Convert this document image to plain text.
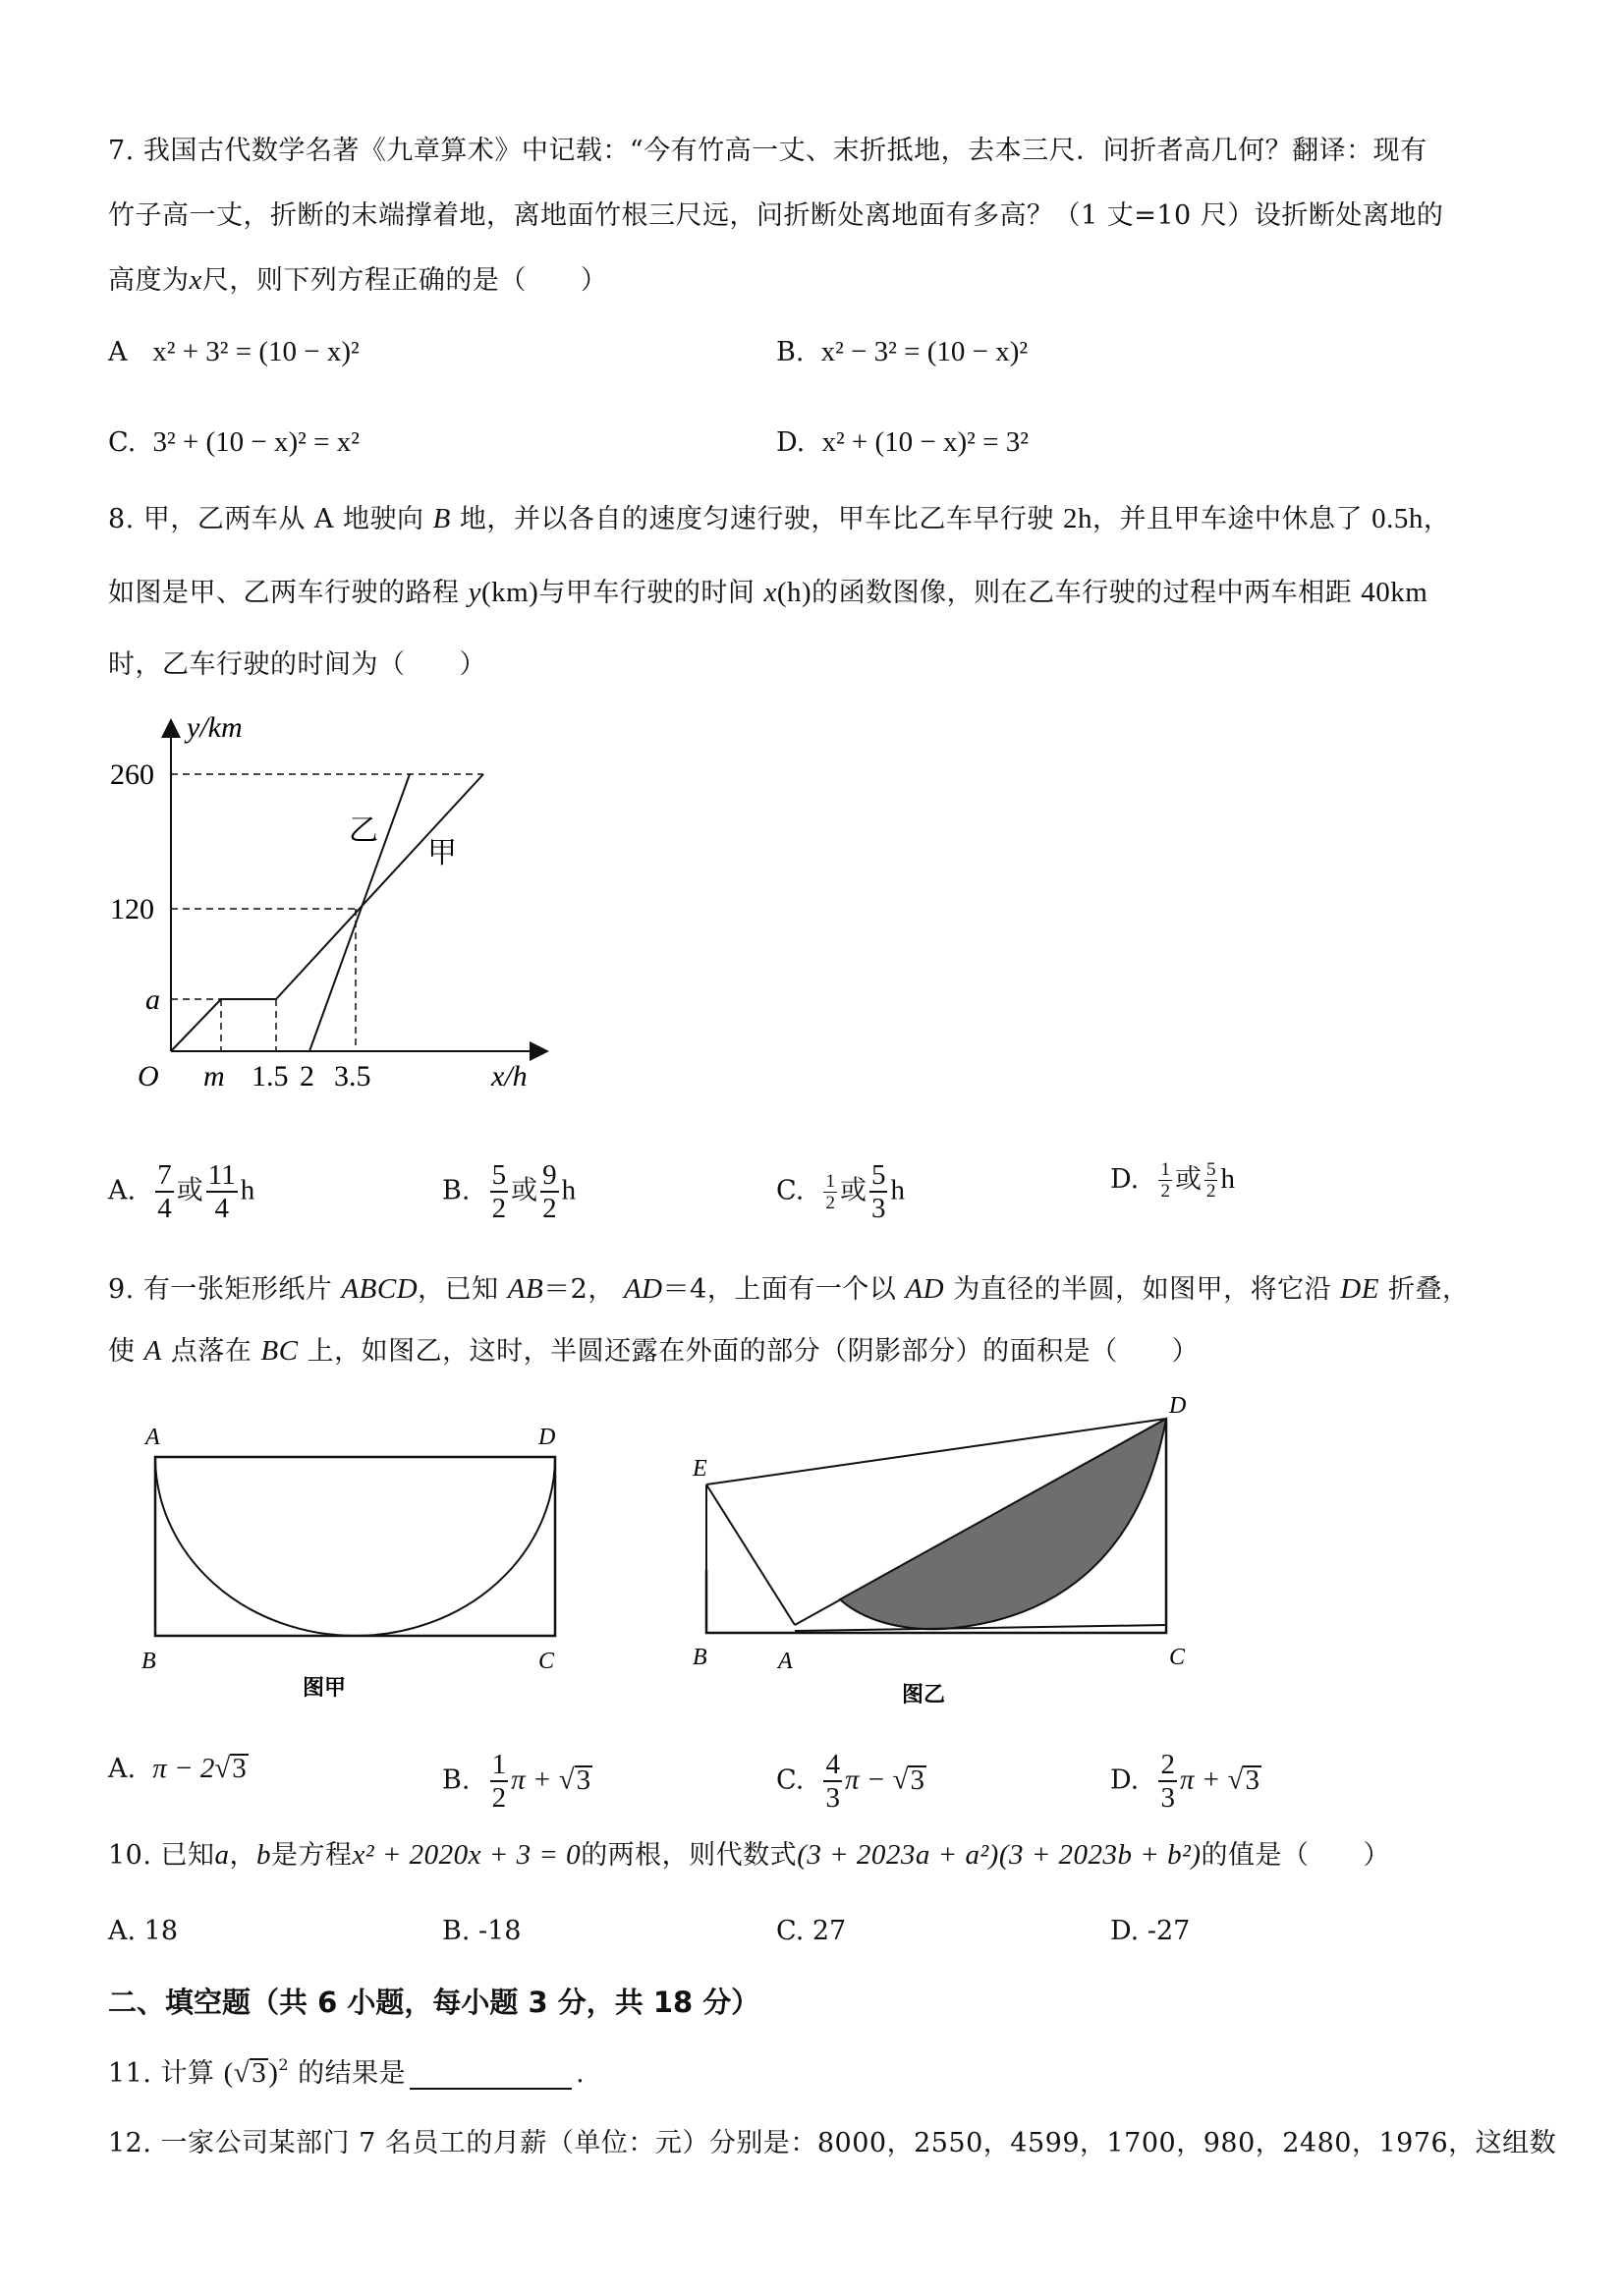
7. 我国古代数学名著《九章算术》中记载：“今有竹高一丈、末折抵地，去本三尺．问折者高几何？翻译：现有
竹子高一丈，折断的末端撑着地，离地面竹根三尺远，问折断处离地面有多高？（1 丈=10 尺）设折断处离地的
高度为x尺，则下列方程正确的是（　　）
A x² + 3² = (10 − x)²	B. x² − 3² = (10 − x)²
C. 3² + (10 − x)² = x²	D. x² + (10 − x)² = 3²
8. 甲，乙两车从 A 地驶向 B 地，并以各自的速度匀速行驶，甲车比乙车早行驶 2h，并且甲车途中休息了 0.5h，
如图是甲、乙两车行驶的路程 y(km)与甲车行驶的时间 x(h)的函数图像，则在乙车行驶的过程中两车相距 40km
时，乙车行驶的时间为（　　）
y/km
x/h
O
260
120
a
m 1.5 2 3.5
乙
甲
A. $\frac{7}{4}$ 或 $\frac{11}{4}$ h	B. $\frac{5}{2}$ 或 $\frac{9}{2}$ h	C. $\frac{1}{2}$ 或 $\frac{5}{3}$ h	D. $\frac{1}{2}$ 或 $\frac{5}{2}$ h
9. 有一张矩形纸片 ABCD，已知 AB＝2， AD＝4，上面有一个以 AD 为直径的半圆，如图甲，将它沿 DE 折叠，
使 A 点落在 BC 上，如图乙，这时，半圆还露在外面的部分（阴影部分）的面积是（　　）
A	D
B	C
图甲
E
D
B	A	C
图乙
A. π − 2√3	B. $\frac{1}{2}$ π + √3	C. $\frac{4}{3}$ π − √3	D. $\frac{2}{3}$ π + √3
10. 已知a，b是方程x² + 2020x + 3 = 0的两根，则代数式(3 + 2023a + a²)(3 + 2023b + b²)的值是（　　）
A. 18	B. -18	C. 27	D. -27
二、填空题（共 6 小题，每小题 3 分，共 18 分）
11. 计算 $(√3)^2$ 的结果是	.
12. 一家公司某部门 7 名员工的月薪（单位：元）分别是：8000，2550，4599，1700，980，2480，1976，这组数
